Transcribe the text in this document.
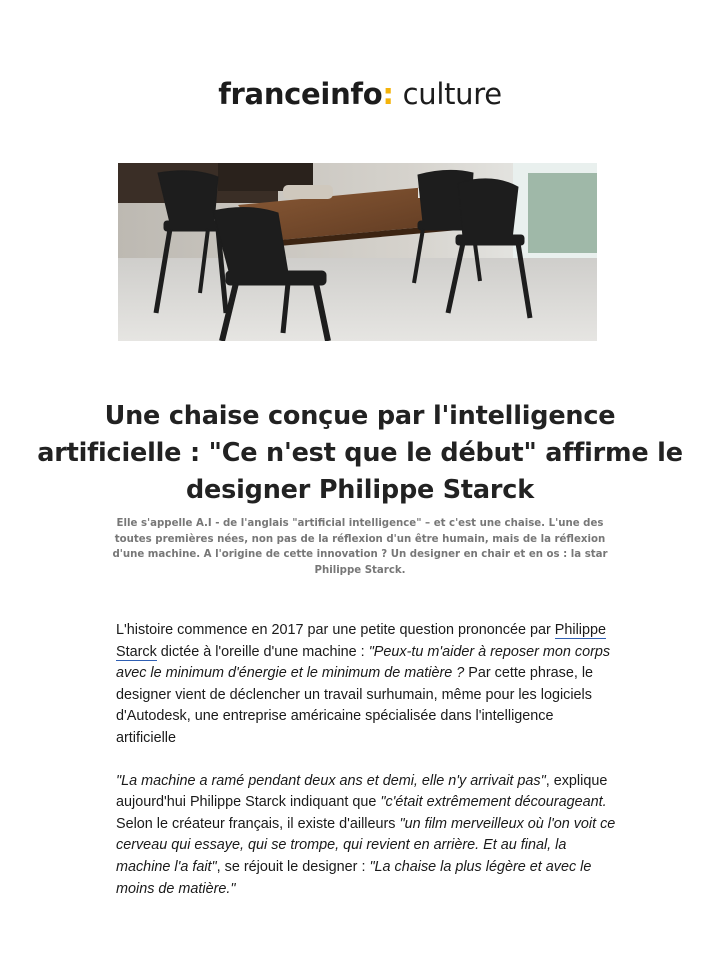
franceinfo: culture
Une chaise conçue par l'intelligence artificielle : "Ce n'est que le début" affirme le designer Philippe Starck

Elle s'appelle A.I - de l'anglais "artificial intelligence" – et c'est une chaise. L'une des toutes premières nées, non pas de la réflexion d'un être humain, mais de la réflexion d'une machine. A l'origine de cette innovation ? Un designer en chair et en os : la star Philippe Starck.

L'histoire commence en 2017 par une petite question prononcée par Philippe Starck dictée à l'oreille d'une machine : "Peux-tu m'aider à reposer mon corps avec le minimum d'énergie et le minimum de matière ? Par cette phrase, le designer vient de déclencher un travail surhumain, même pour les logiciels d'Autodesk, une entreprise américaine spécialisée dans l'intelligence artificielle

"La machine a ramé pendant deux ans et demi, elle n'y arrivait pas", explique aujourd'hui Philippe Starck indiquant que "c'était extrêmement décourageant. Selon le créateur français, il existe d'ailleurs "un film merveilleux où l'on voit ce cerveau qui essaye, qui se trompe, qui revient en arrière. Et au final, la machine l'a fait", se réjouit le designer : "La chaise la plus légère et avec le moins de matière."
